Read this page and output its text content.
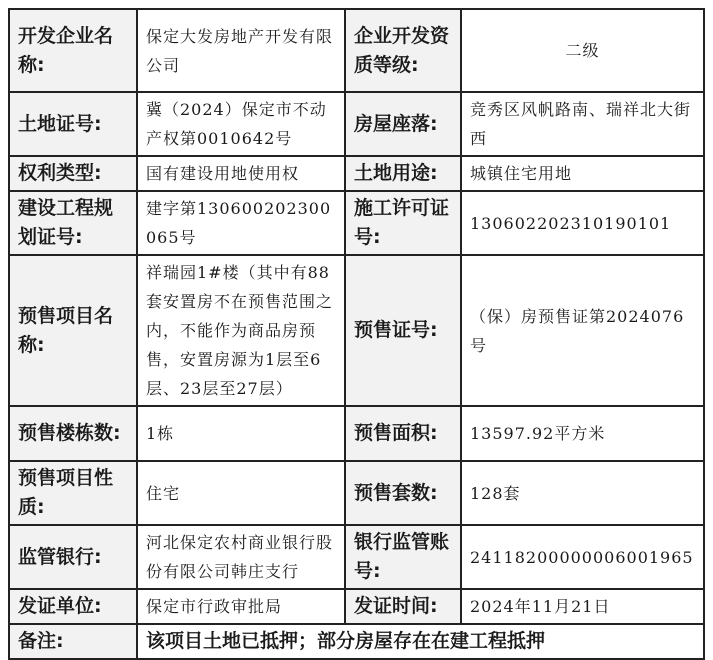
开发企业名称:	保定大发房地产开发有限公司	企业开发资质等级:	二级
土地证号:	冀（2024）保定市不动产权第0010642号	房屋座落:	竞秀区风帆路南、瑞祥北大街西
权利类型:	国有建设用地使用权	土地用途:	城镇住宅用地
建设工程规划证号:	建字第130600202300065号	施工许可证号:	130602202310190101
预售项目名称:	祥瑞园1#楼（其中有88套安置房不在预售范围之内，不能作为商品房预售，安置房源为1层至6层、23层至27层）	预售证号:	（保）房预售证第2024076号
预售楼栋数:	1栋	预售面积:	13597.92平方米
预售项目性质:	住宅	预售套数:	128套
监管银行:	河北保定农村商业银行股份有限公司韩庄支行	银行监管账号:	24118200000006001965
发证单位:	保定市行政审批局	发证时间:	2024年11月21日
备注:	该项目土地已抵押；部分房屋存在在建工程抵押		
